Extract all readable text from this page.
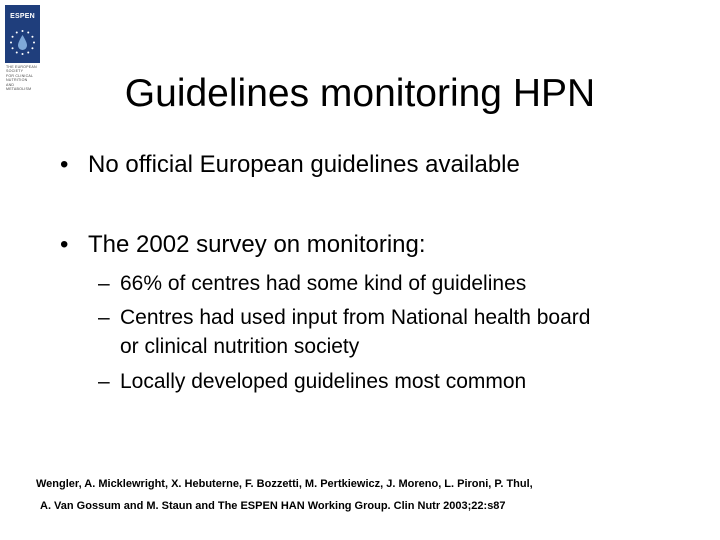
ESPEN
THE EUROPEAN
SOCIETY
FOR CLINICAL
NUTRITION
AND
METABOLISM	Guidelines monitoring HPN
• No official European guidelines available
• The 2002 survey on monitoring:
– 66% of centres had some kind of guidelines
– Centres had used input from National health board
or clinical nutrition society
– Locally developed guidelines most common
Wengler, A. Micklewright, X. Hebuterne, F. Bozzetti, M. Pertkiewicz, J. Moreno, L. Pironi, P. Thul,
A. Van Gossum and M. Staun and The ESPEN HAN Working Group. Clin Nutr 2003;22:s87
